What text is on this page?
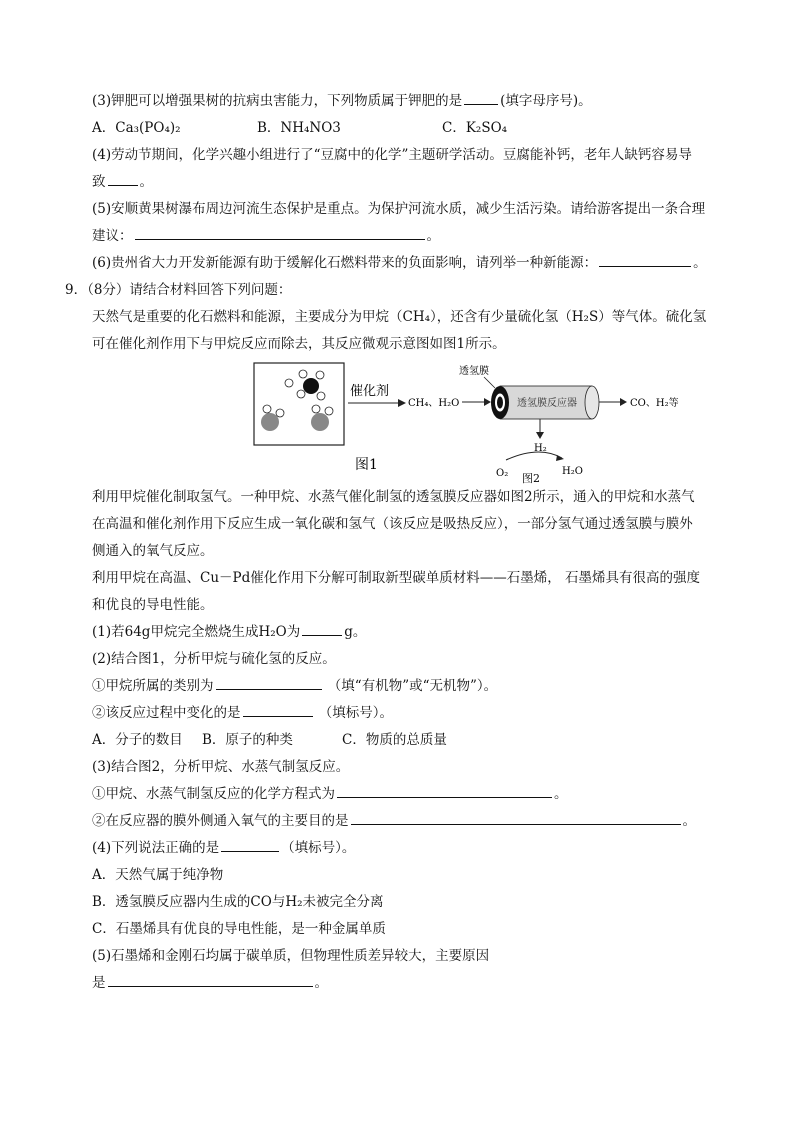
(3)钾肥可以增强果树的抗病虫害能力，下列物质属于钾肥的是	(填字母序号)。
A．Ca₃(PO₄)₂	B．NH₄NO3	C．K₂SO₄
(4)劳动节期间，化学兴趣小组进行了“豆腐中的化学”主题研学活动。豆腐能补钙，老年人缺钙容易导
致	。
(5)安顺黄果树瀑布周边河流生态保护是重点。为保护河流水质，减少生活污染。请给游客提出一条合理
建议：	。
(6)贵州省大力开发新能源有助于缓解化石燃料带来的负面影响，请列举一种新能源：	。
9．（8分）请结合材料回答下列问题：
天然气是重要的化石燃料和能源，主要成分为甲烷（CH₄），还含有少量硫化氢（H₂S）等气体。硫化氢
可在催化剂作用下与甲烷反应而除去，其反应微观示意图如图1所示。
催化剂
CH₄、H₂O
透氢膜
透氢膜反应器	CO、H₂等
H₂
O₂	H₂O
图1
图2
利用甲烷催化制取氢气。一种甲烷、水蒸气催化制氢的透氢膜反应器如图2所示，通入的甲烷和水蒸气
在高温和催化剂作用下反应生成一氧化碳和氢气（该反应是吸热反应），一部分氢气通过透氢膜与膜外
侧通入的氧气反应。
利用甲烷在高温、Cu－Pd催化作用下分解可制取新型碳单质材料——石墨烯， 石墨烯具有很高的强度
和优良的导电性能。
(1)若64g甲烷完全燃烧生成H₂O为	g。
(2)结合图1，分析甲烷与硫化氢的反应。
①甲烷所属的类别为	（填“有机物”或“无机物”）。
②该反应过程中变化的是	（填标号）。
A．分子的数目 B．原子的种类	C．物质的总质量
(3)结合图2，分析甲烷、水蒸气制氢反应。
①甲烷、水蒸气制氢反应的化学方程式为	。
②在反应器的膜外侧通入氧气的主要目的是	。
(4)下列说法正确的是	（填标号）。
A．天然气属于纯净物
B．透氢膜反应器内生成的CO与H₂未被完全分离
C．石墨烯具有优良的导电性能，是一种金属单质
(5)石墨烯和金刚石均属于碳单质，但物理性质差异较大，主要原因
是	。
